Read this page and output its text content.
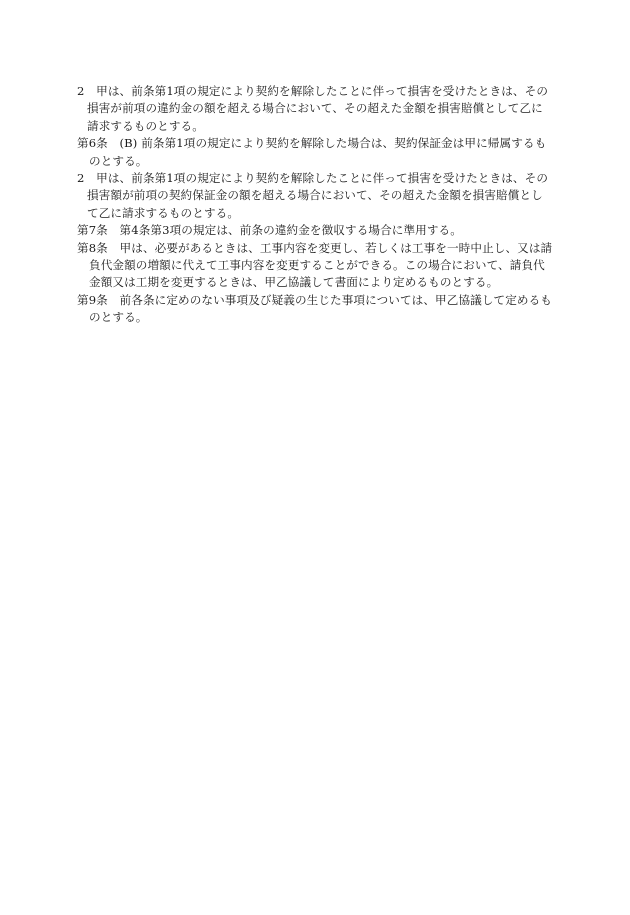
2　甲は、前条第1項の規定により契約を解除したことに伴って損害を受けたときは、その損害が前項の違約金の額を超える場合において、その超えた金額を損害賠償として乙に請求するものとする。

第6条　(B) 前条第1項の規定により契約を解除した場合は、契約保証金は甲に帰属するものとする。

2　甲は、前条第1項の規定により契約を解除したことに伴って損害を受けたときは、その損害額が前項の契約保証金の額を超える場合において、その超えた金額を損害賠償として乙に請求するものとする。

第7条　第4条第3項の規定は、前条の違約金を徴収する場合に準用する。

第8条　甲は、必要があるときは、工事内容を変更し、若しくは工事を一時中止し、又は請負代金額の増額に代えて工事内容を変更することができる。この場合において、請負代金額又は工期を変更するときは、甲乙協議して書面により定めるものとする。

第9条　前各条に定めのない事項及び疑義の生じた事項については、甲乙協議して定めるものとする。
